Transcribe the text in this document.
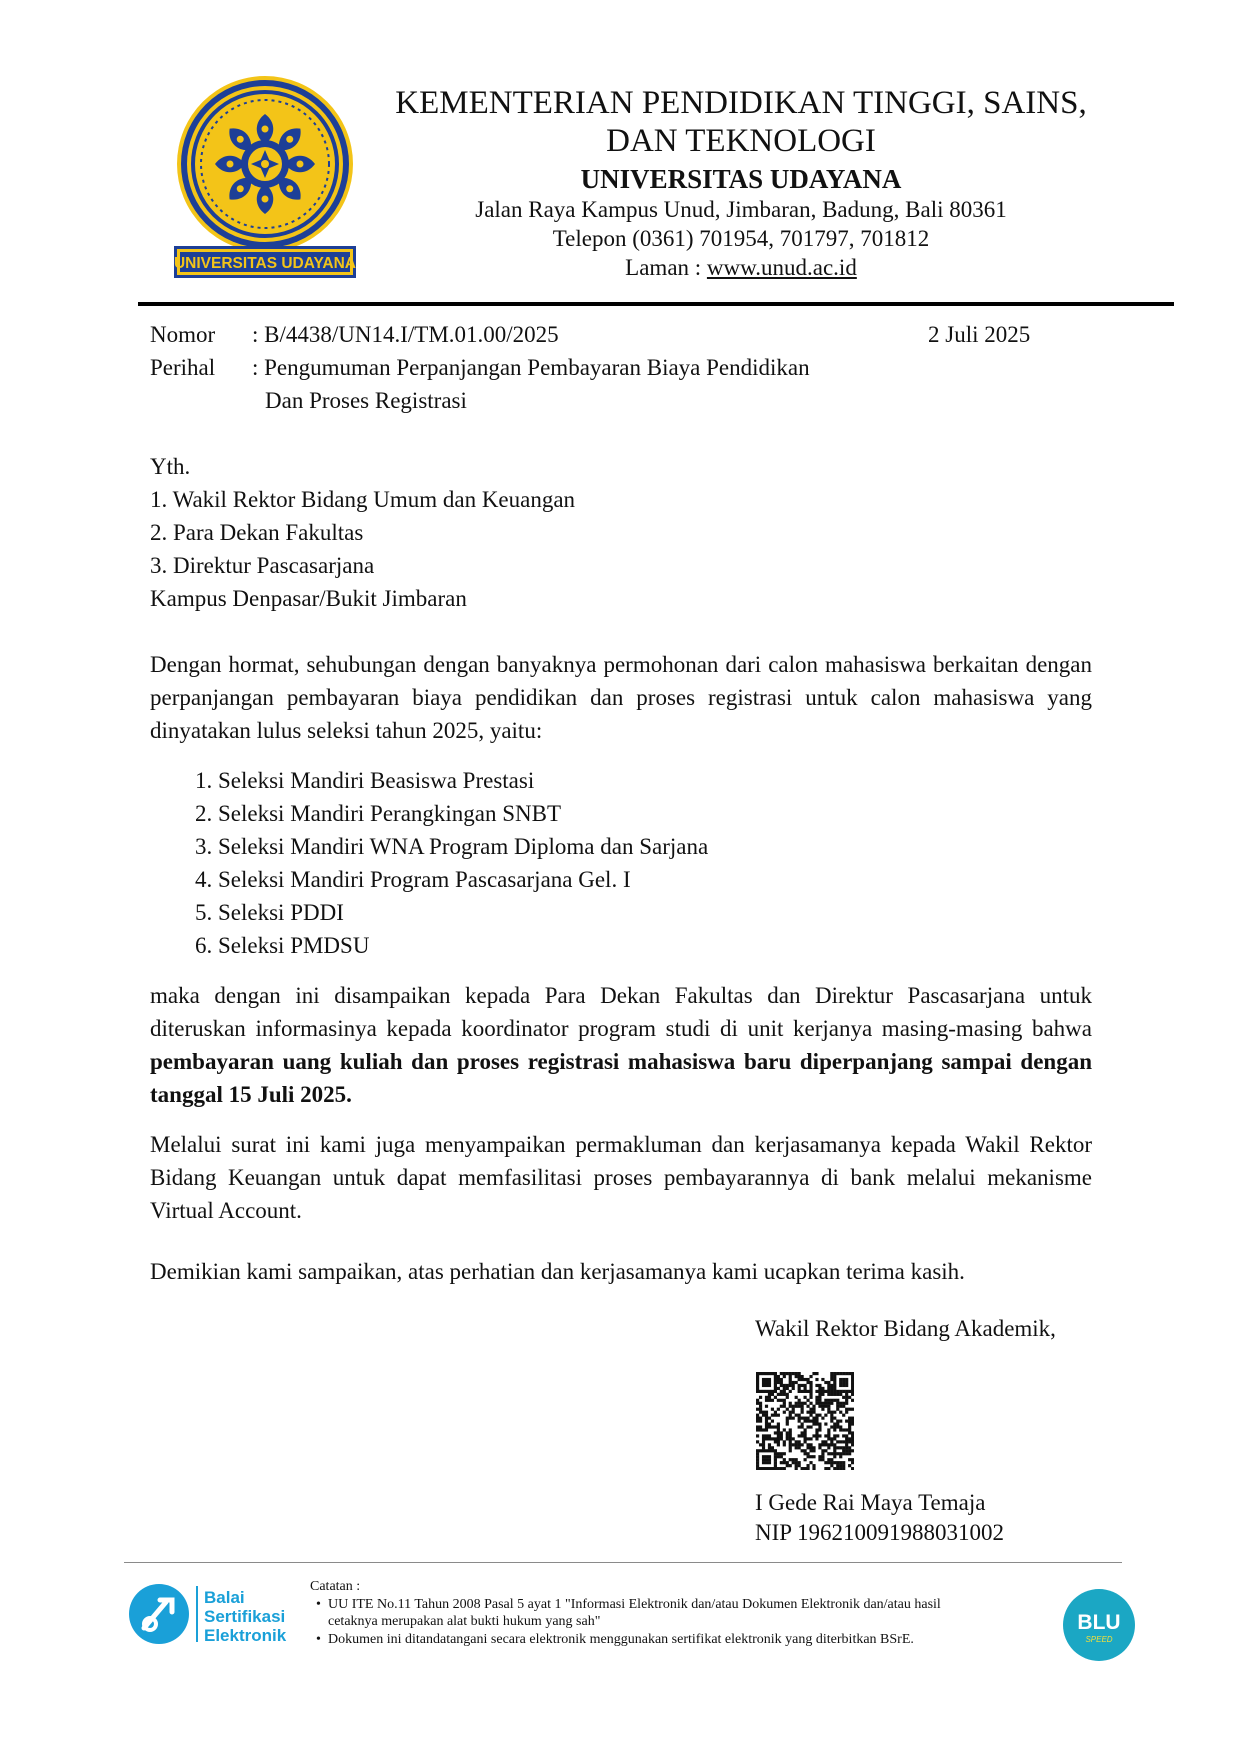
UNIVERSITAS UDAYANA
KEMENTERIAN PENDIDIKAN TINGGI, SAINS,
DAN TEKNOLOGI
UNIVERSITAS UDAYANA
Jalan Raya Kampus Unud, Jimbaran, Badung, Bali 80361
Telepon (0361) 701954, 701797, 701812
Laman : www.unud.ac.id
Nomor : B/4438/UN14.I/TM.01.00/2025	2 Juli 2025
Perihal : Pengumuman Perpanjangan Pembayaran Biaya Pendidikan
Dan Proses Registrasi
Yth.
1. Wakil Rektor Bidang Umum dan Keuangan
2. Para Dekan Fakultas
3. Direktur Pascasarjana
Kampus Denpasar/Bukit Jimbaran
Dengan hormat, sehubungan dengan banyaknya permohonan dari calon mahasiswa berkaitan dengan perpanjangan pembayaran biaya pendidikan dan proses registrasi untuk calon mahasiswa yang dinyatakan lulus seleksi tahun 2025, yaitu:
1. Seleksi Mandiri Beasiswa Prestasi
2. Seleksi Mandiri Perangkingan SNBT
3. Seleksi Mandiri WNA Program Diploma dan Sarjana
4. Seleksi Mandiri Program Pascasarjana Gel. I
5. Seleksi PDDI
6. Seleksi PMDSU
maka dengan ini disampaikan kepada Para Dekan Fakultas dan Direktur Pascasarjana untuk diteruskan informasinya kepada koordinator program studi di unit kerjanya masing-masing bahwa pembayaran uang kuliah dan proses registrasi mahasiswa baru diperpanjang sampai dengan tanggal 15 Juli 2025.
Melalui surat ini kami juga menyampaikan permakluman dan kerjasamanya kepada Wakil Rektor Bidang Keuangan untuk dapat memfasilitasi proses pembayarannya di bank melalui mekanisme Virtual Account.
Demikian kami sampaikan, atas perhatian dan kerjasamanya kami ucapkan terima kasih.
Wakil Rektor Bidang Akademik,
I Gede Rai Maya Temaja
NIP 196210091988031002
Balai
Sertifikasi
Elektronik
Catatan :
• UU ITE No.11 Tahun 2008 Pasal 5 ayat 1 "Informasi Elektronik dan/atau Dokumen Elektronik dan/atau hasil
cetaknya merupakan alat bukti hukum yang sah"
• Dokumen ini ditandatangani secara elektronik menggunakan sertifikat elektronik yang diterbitkan BSrE.
BLU
SPEED
